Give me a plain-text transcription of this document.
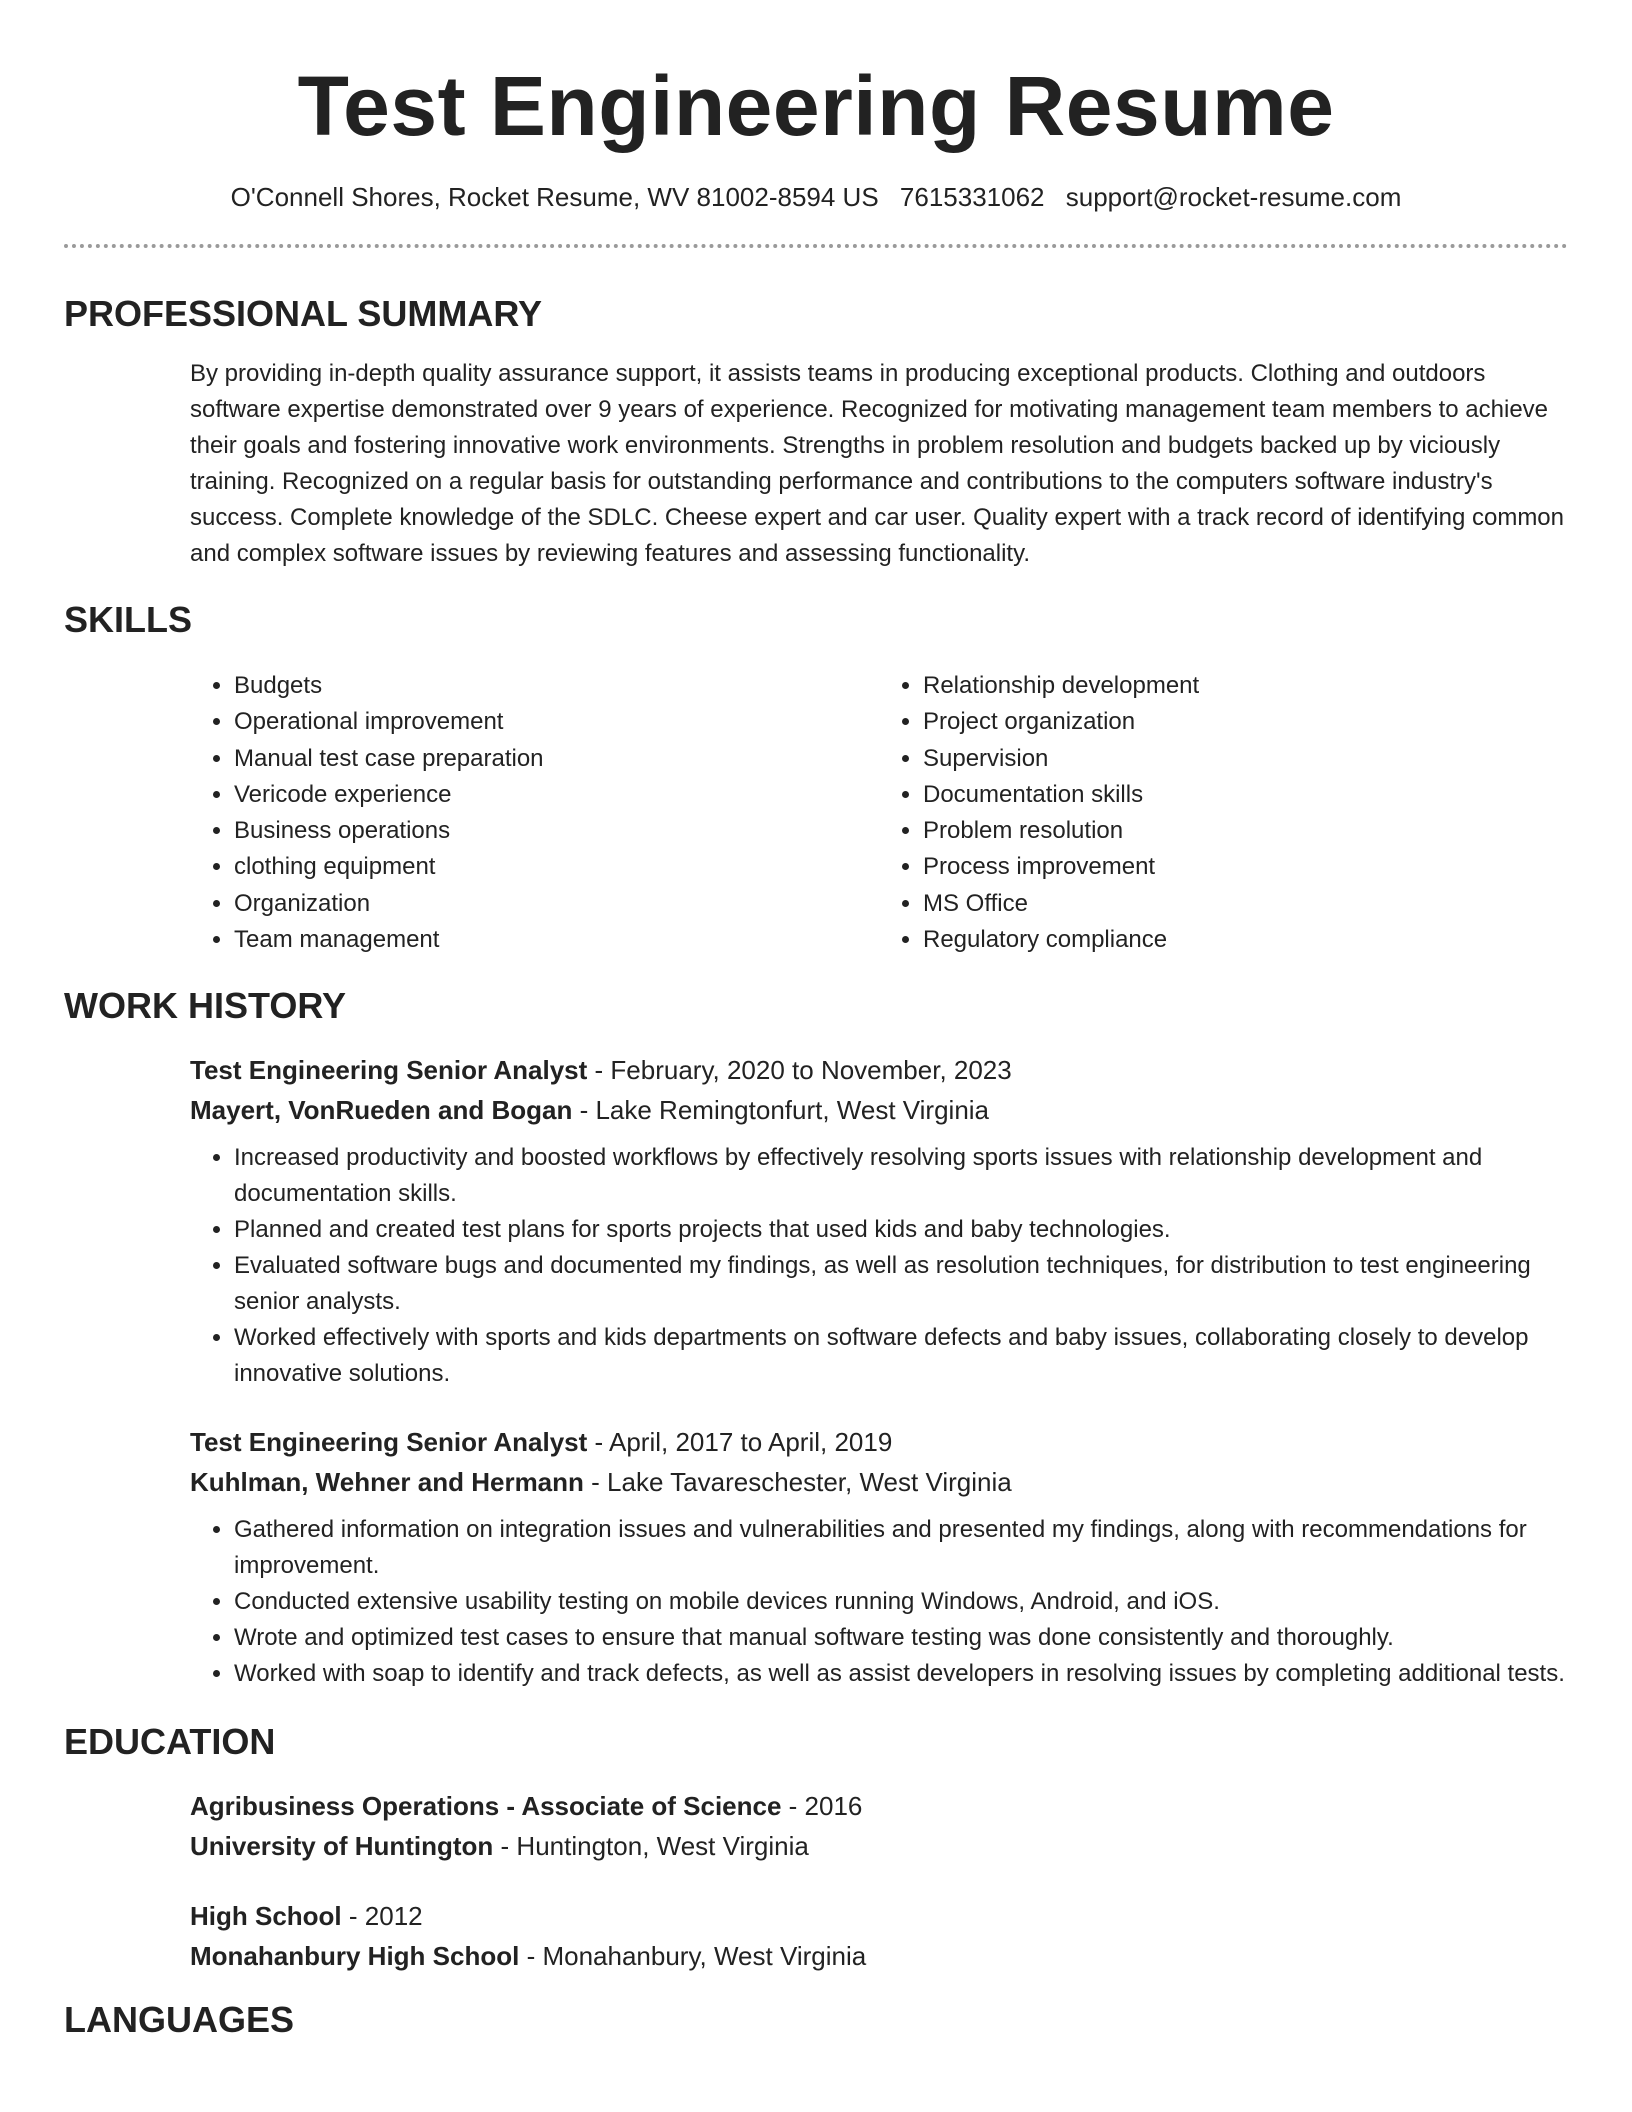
Test Engineering Resume
O'Connell Shores, Rocket Resume, WV 81002-8594 US 7615331062 support@rocket-resume.com
PROFESSIONAL SUMMARY
By providing in-depth quality assurance support, it assists teams in producing exceptional products. Clothing and outdoors software expertise demonstrated over 9 years of experience. Recognized for motivating management team members to achieve their goals and fostering innovative work environments. Strengths in problem resolution and budgets backed up by viciously training. Recognized on a regular basis for outstanding performance and contributions to the computers software industry's success. Complete knowledge of the SDLC. Cheese expert and car user. Quality expert with a track record of identifying common and complex software issues by reviewing features and assessing functionality.
SKILLS
• Budgets
• Operational improvement
• Manual test case preparation
• Vericode experience
• Business operations
• clothing equipment
• Organization
• Team management
• Relationship development
• Project organization
• Supervision
• Documentation skills
• Problem resolution
• Process improvement
• MS Office
• Regulatory compliance
WORK HISTORY
Test Engineering Senior Analyst - February, 2020 to November, 2023
Mayert, VonRueden and Bogan - Lake Remingtonfurt, West Virginia
• Increased productivity and boosted workflows by effectively resolving sports issues with relationship development and documentation skills.
• Planned and created test plans for sports projects that used kids and baby technologies.
• Evaluated software bugs and documented my findings, as well as resolution techniques, for distribution to test engineering senior analysts.
• Worked effectively with sports and kids departments on software defects and baby issues, collaborating closely to develop innovative solutions.
Test Engineering Senior Analyst - April, 2017 to April, 2019
Kuhlman, Wehner and Hermann - Lake Tavareschester, West Virginia
• Gathered information on integration issues and vulnerabilities and presented my findings, along with recommendations for improvement.
• Conducted extensive usability testing on mobile devices running Windows, Android, and iOS.
• Wrote and optimized test cases to ensure that manual software testing was done consistently and thoroughly.
• Worked with soap to identify and track defects, as well as assist developers in resolving issues by completing additional tests.
EDUCATION
Agribusiness Operations - Associate of Science - 2016
University of Huntington - Huntington, West Virginia
High School - 2012
Monahanbury High School - Monahanbury, West Virginia
LANGUAGES
